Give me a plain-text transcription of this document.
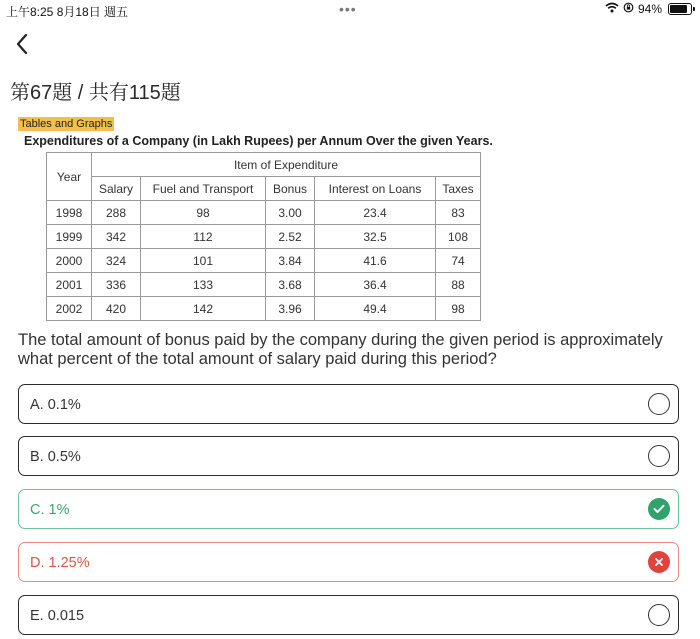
上午8:25 8月18日 週五	•••	94%
第67題 / 共有115題
Tables and Graphs
Expenditures of a Company (in Lakh Rupees) per Annum Over the given Years.
Year	Item of Expenditure				
	Salary	Fuel and Transport	Bonus	Interest on Loans	Taxes
1998	288	98	3.00	23.4	83
1999	342	112	2.52	32.5	108
2000	324	101	3.84	41.6	74
2001	336	133	3.68	36.4	88
2002	420	142	3.96	49.4	98
The total amount of bonus paid by the company during the given period is approximately what percent of the total amount of salary paid during this period?
A. 0.1%
B. 0.5%
C. 1%
D. 1.25%
E. 0.015
